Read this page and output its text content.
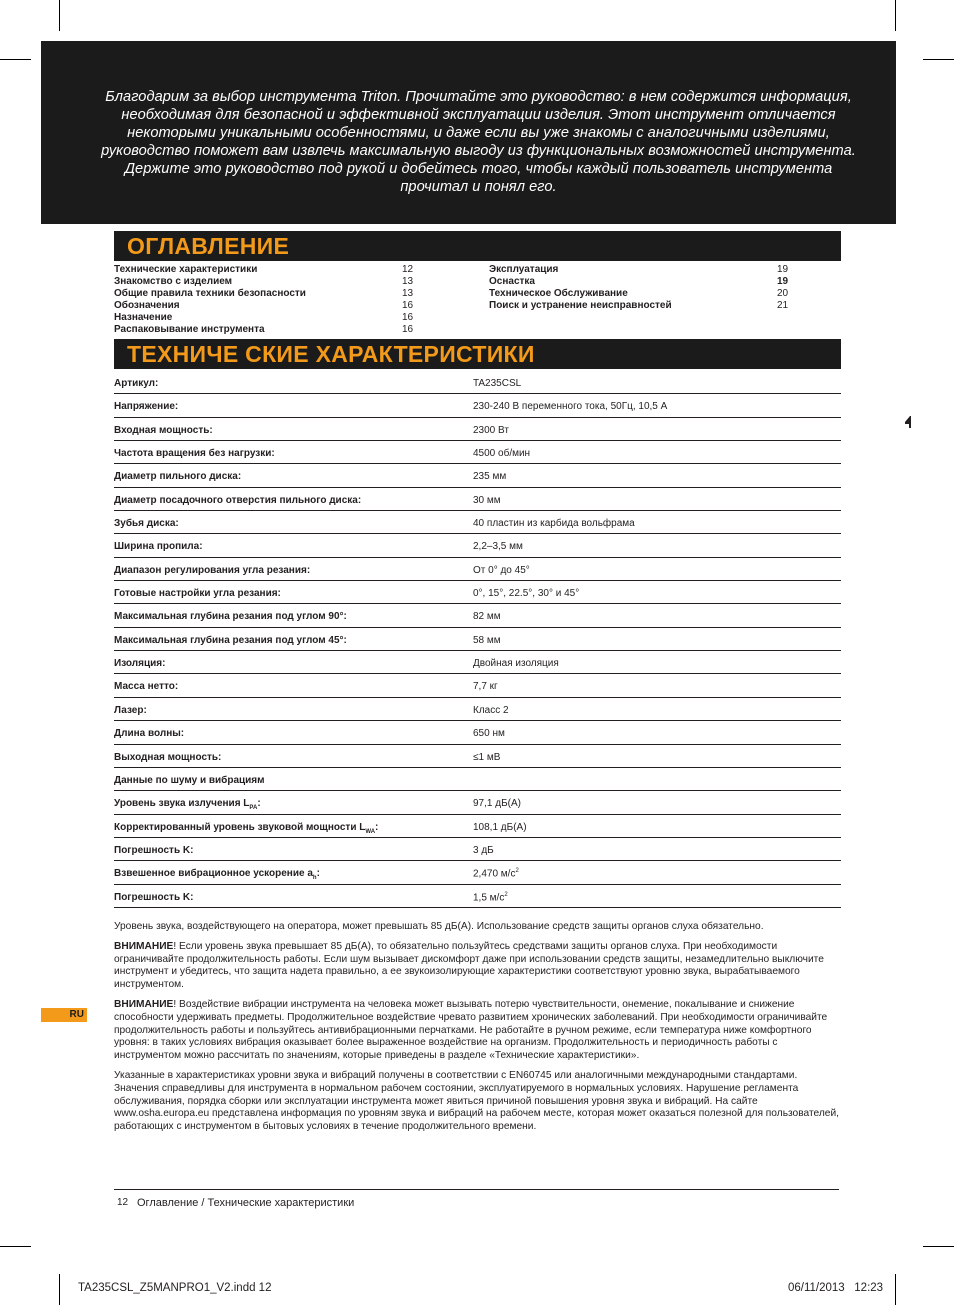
Благодарим за выбор инструмента Triton. Прочитайте это руководство: в нем содержится информация, необходимая для безопасной и эффективной эксплуатации изделия. Этот инструмент отличается некоторыми уникальными особенностями, и даже если вы уже знакомы с аналогичными изделиями, руководство поможет вам извлечь максимальную выгоду из функциональных возможностей инструмента. Держите это руководство под рукой и добейтесь того, чтобы каждый пользователь инструмента прочитал и понял его.

ОГЛАВЛЕНИЕ
Технические характеристики	12
Знакомство с изделием	13
Общие правила техники безопасности	13
Обозначения	16
Назначение	16
Распаковывание инструмента	16
Эксплуатация	19
Оснастка	19
Техническое Обслуживание	20
Поиск и устранение неисправностей	21
ТЕХНИЧЕ СКИЕ ХАРАКТЕРИСТИКИ
Артикул:	TA235CSL
Напряжение:	230-240 В переменного тока, 50Гц, 10,5 А
Входная мощность:	2300 Вт
Частота вращения без нагрузки:	4500 об/мин
Диаметр пильного диска:	235 мм
Диаметр посадочного отверстия пильного диска:	30 мм
Зубья диска:	40 пластин из карбида вольфрама
Ширина пропила:	2,2–3,5 мм
Диапазон регулирования угла резания:	От 0° до 45°
Готовые настройки угла резания:	0°, 15°, 22.5°, 30° и 45°
Максимальная глубина резания под углом 90°:	82 мм
Максимальная глубина резания под углом 45°:	58 мм
Изоляция:	Двойная изоляция
Масса нетто:	7,7 кг
Лазер:	Класс 2
Длина волны:	650 нм
Выходная мощность:	≤1 мВ
Данные по шуму и вибрациям
Уровень звука излучения $L_{PA}$:	97,1 дБ(А)
Корректированный уровень звуковой мощности $L_{WA}$:	108,1 дБ(А)
Погрешность K:	3 дБ
Взвешенное вибрационное ускорение $a_h$:	2,470 $м/с^2$
Погрешность K:	1,5 $м/с^2$

Уровень звука, воздействующего на оператора, может превышать 85 дБ(А). Использование средств защиты органов слуха обязательно.

ВНИМАНИЕ! Если уровень звука превышает 85 дБ(А), то обязательно пользуйтесь средствами защиты органов слуха. При необходимости ограничивайте продолжительность работы. Если шум вызывает дискомфорт даже при использовании средств защиты, незамедлительно выключите инструмент и убедитесь, что защита надета правильно, а ее звукоизолирующие характеристики соответствуют уровню звука, вырабатываемого инструментом.

ВНИМАНИЕ! Воздействие вибрации инструмента на человека может вызывать потерю чувствительности, онемение, покалывание и снижение способности удерживать предметы. Продолжительное воздействие чревато развитием хронических заболеваний. При необходимости ограничивайте продолжительность работы и пользуйтесь антивибрационными перчатками. Не работайте в ручном режиме, если температура ниже комфортного уровня: в таких условиях вибрация оказывает более выраженное воздействие на организм. Продолжительность и периодичность работы с инструментом можно рассчитать по значениям, которые приведены в разделе «Технические характеристики».

Указанные в характеристиках уровни звука и вибраций получены в соответствии с EN60745 или аналогичными международными стандартами. Значения справедливы для инструмента в нормальном рабочем состоянии, эксплуатируемого в нормальных условиях. Нарушение регламента обслуживания, порядка сборки или эксплуатации инструмента может явиться причиной повышения уровня звука и вибраций. На сайте www.osha.europa.eu представлена информация по уровням звука и вибраций на рабочем месте, которая может оказаться полезной для пользователей, работающих с инструментом в бытовых условиях в течение продолжительного времени.

RU
12 Оглавление / Технические характеристики
TA235CSL_Z5MANPRO1_V2.indd 12	06/11/2013   12:23
